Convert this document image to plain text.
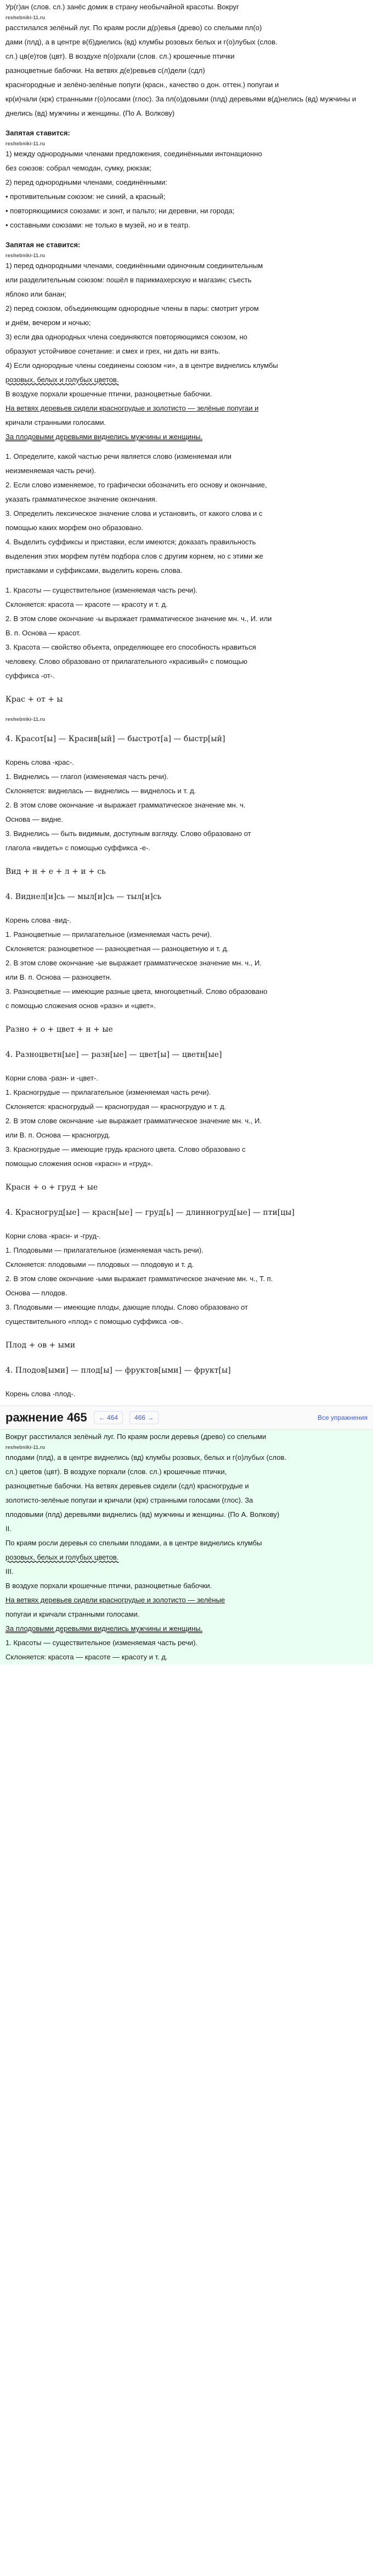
Ур(г)ан (слов. сл.) занёс домик в страну необычайной красоты. Вокруг

reshebniki-11.ru

расстилался зелёный луг. По краям росли д(р)евья (древо) со спелыми пл(о)

дами (плд), а в центре в(б)диелись (вд) клумбы розовых белых и г(о)лубых (слов.

сл.) цв(е)тов (цвт). В воздухе п(о)рхали (слов. сл.) крошечные птички

разноцветные бабочки. На ветвях д(е)ревьев с(л)дели (сдл)

краснгородные и зелёно-зелёные попуги (красн., качество о дон. оттен.) попугаи и

кр(и)чали (крк) странными г(о)лосами (глос). За пл(о)довыми (плд) деревьями в(д)нелись (вд) мужчины и

днелись (вд) мужчины и женщины. (По А. Волкову)

Запятая ставится:

reshebniki-11.ru

1) между однородными членами предложения, соединёнными интонационно

без союзов: собрал чемодан, сумку, рюкзак;

2) перед однородными членами, соединёнными:

• противительным союзом: не синий, а красный;

• повторяющимися союзами: и зонт, и пальто; ни деревни, ни города;

• составными союзами: не только в музей, но и в театр.

Запятая не ставится:

reshebniki-11.ru

1) перед однородными членами, соединёнными одиночным соединительным

или разделительным союзом: пошёл в парикмахерскую и магазин; съесть

яблоко или банан;

2) перед союзом, объединяющим однородные члены в пары: смотрит угром

и днём, вечером и ночью;

3) если два однородных члена соединяются повторяющимся союзом, но

образуют устойчивое сочетание: и смех и грех, ни дать ни взять.

4) Если однородные члены соединены союзом «и», а в центре виднелись клумбы

розовых, белых и голубых цветов.

В воздухе порхали крошечные птички, разноцветные бабочки.

На ветвях деревьев сидели красногрудые и золотисто — зелёные попугаи и

кричали странными голосами.

За плодовыми деревьями виднелись мужчины и женщины.

1. Определите, какой частью речи является слово (изменяемая или

неизменяемая часть речи).

2. Если слово изменяемое, то графически обозначить его основу и окончание,

указать грамматическое значение окончания.

3. Определить лексическое значение слова и установить, от какого слова и с

помощью каких морфем оно образовано.

4. Выделить суффиксы и приставки, если имеются; доказать правильность

выделения этих морфем путём подбора слов с другим корнем, но с этими же

приставками и суффиксами, выделить корень слова.

1. Красоты — существительное (изменяемая часть речи).

Склоняется: красота — красоте — красоту и т. д.

2. В этом слове окончание -ы выражает грамматическое значение мн. ч., И. или

В. п. Основа — красот.

3. Красота — свойство объекта, определяющее его способность нравиться

человеку. Слово образовано от прилагательного «красивый» с помощью

суффикса -от-.

Крас + от + ы

reshebniki-11.ru

4. Красот[ы] — Красив[ый] — быстрот[а] — быстр[ый]

Корень слова -крас-.

1. Виднелись — глагол (изменяемая часть речи).

Склоняется: виднелась — виднелись — виднелось и т. д.

2. В этом слове окончание -и выражает грамматическое значение мн. ч.

Основа — видне.

3. Виднелись — быть видимым, доступным взгляду. Слово образовано от

глагола «видеть» с помощью суффикса -е-.

Вид + н + е + л + и + сь

4. Виднел[и]сь — мыл[и]сь — тыл[и]сь

Корень слова -вид-.

1. Разноцветные — прилагательное (изменяемая часть речи).

Склоняется: разноцветное — разноцветная — разноцветную и т. д.

2. В этом слове окончание -ые выражает грамматическое значение мн. ч., И.

или В. п. Основа — разноцветн.

3. Разноцветные — имеющие разные цвета, многоцветный. Слово образовано

с помощью сложения основ «разн» и «цвет».

Разно + о + цвет + н + ые

4. Разноцветн[ые] — разн[ые] — цвет[ы] — цветн[ые]

Корни слова -разн- и -цвет-.

1. Красногрудые — прилагательное (изменяемая часть речи).

Склоняется: красногрудый — красногрудая — красногрудую и т. д.

2. В этом слове окончание -ые выражает грамматическое значение мн. ч., И.

или В. п. Основа — красногруд.

3. Красногрудые — имеющие грудь красного цвета. Слово образовано с

помощью сложения основ «красн» и «груд».

Красн + о + груд + ые

4. Красногруд[ые] — красн[ые] — груд[ь] — длинногруд[ые] — пти[цы]

Корни слова -красн- и -груд-.

1. Плодовыми — прилагательное (изменяемая часть речи).

Склоняется: плодовыми — плодовых — плодовую и т. д.

2. В этом слове окончание -ыми выражает грамматическое значение мн. ч., Т. п.

Основа — плодов.

3. Плодовыми — имеющие плоды, дающие плоды. Слово образовано от

существительного «плод» с помощью суффикса -ов-.

Плод + ов + ыми

4. Плодов[ыми] — плод[ы] — фруктов[ыми] — фрукт[ы]

Корень слова -плод-.

ражнение 465	← 464	466 →	Все упражнения

Вокруг расстилался зелёный луг. По краям росли деревья (древо) со спелыми

reshebniki-11.ru

плодами (плд), а в центре виднелись (вд) клумбы розовых, белых и г(о)лубых (слов.

сл.) цветов (цвт). В воздухе порхали (слов. сл.) крошечные птички,

разноцветные бабочки. На ветвях деревьев сидели (сдл) красногрудые и

золотисто-зелёные попугаи и кричали (крк) странными голосами (глос). За

плодовыми (плд) деревьями виднелись (вд) мужчины и женщины. (По А. Волкову)

II.

По краям росли деревья со спелыми плодами, а в центре виднелись клумбы

розовых, белых и голубых цветов.

III.

В воздухе порхали крошечные птички, разноцветные бабочки.

На ветвях деревьев сидели красногрудые и золотисто — зелёные

попугаи и кричали странными голосами.

За плодовыми деревьями виднелись мужчины и женщины.

1. Красоты — существительное (изменяемая часть речи).

Склоняется: красота — красоте — красоту и т. д.
